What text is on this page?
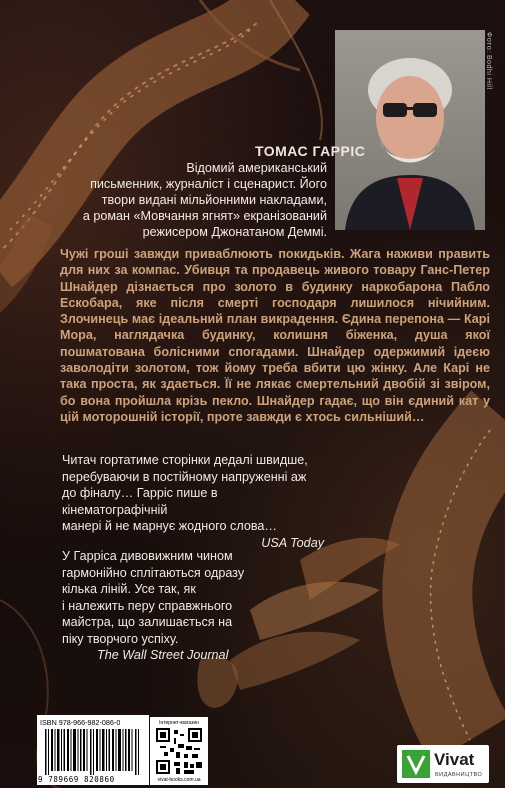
Фото: Bodhi Hill
ТОМАС ГАРРІС
Відомий американський
письменник, журналіст і сценарист. Його
твори видані мільйонними накладами,
а роман «Мовчання ягнят» екранізований
режисером Джонатаном Деммі.
Чужі гроші завжди приваблюють покидьків. Жага наживи править для них за компас. Убивця та продавець живого товару Ганс-Петер Шнайдер дізнається про золото в будинку наркобарона Пабло Ескобара, яке після смерті господаря лишилося нічийним. Злочинець має ідеальний план викрадення. Єдина перепона — Карі Мора, наглядачка будинку, колишня біженка, душа якої пошматована болісними спогадами. Шнайдер одержимий ідеєю заволодіти золотом, тож йому треба вбити цю жінку. Але Карі не така проста, як здається. Її не лякає смертельний двобій зі звіром, бо вона пройшла крізь пекло. Шнайдер гадає, що він єдиний кат у цій моторошній історії, проте завжди є хтось сильніший…
Читач гортатиме сторінки дедалі швидше,
перебуваючи в постійному напруженні аж
до фіналу… Гарріс пише в кінематографічній
манері й не марнує жодного слова…
USA Today
У Гарріса дивовижним чином
гармонійно сплітаються одразу
кілька ліній. Усе так, як
і належить перу справжнього
майстра, що залишається на
піку творчого успіху.
The Wall Street Journal
ISBN 978-966-982-086-0
9 789669 820860
Інтернет-магазин
vivat-books.com.ua
Vivat
ВИДАВНИЦТВО
